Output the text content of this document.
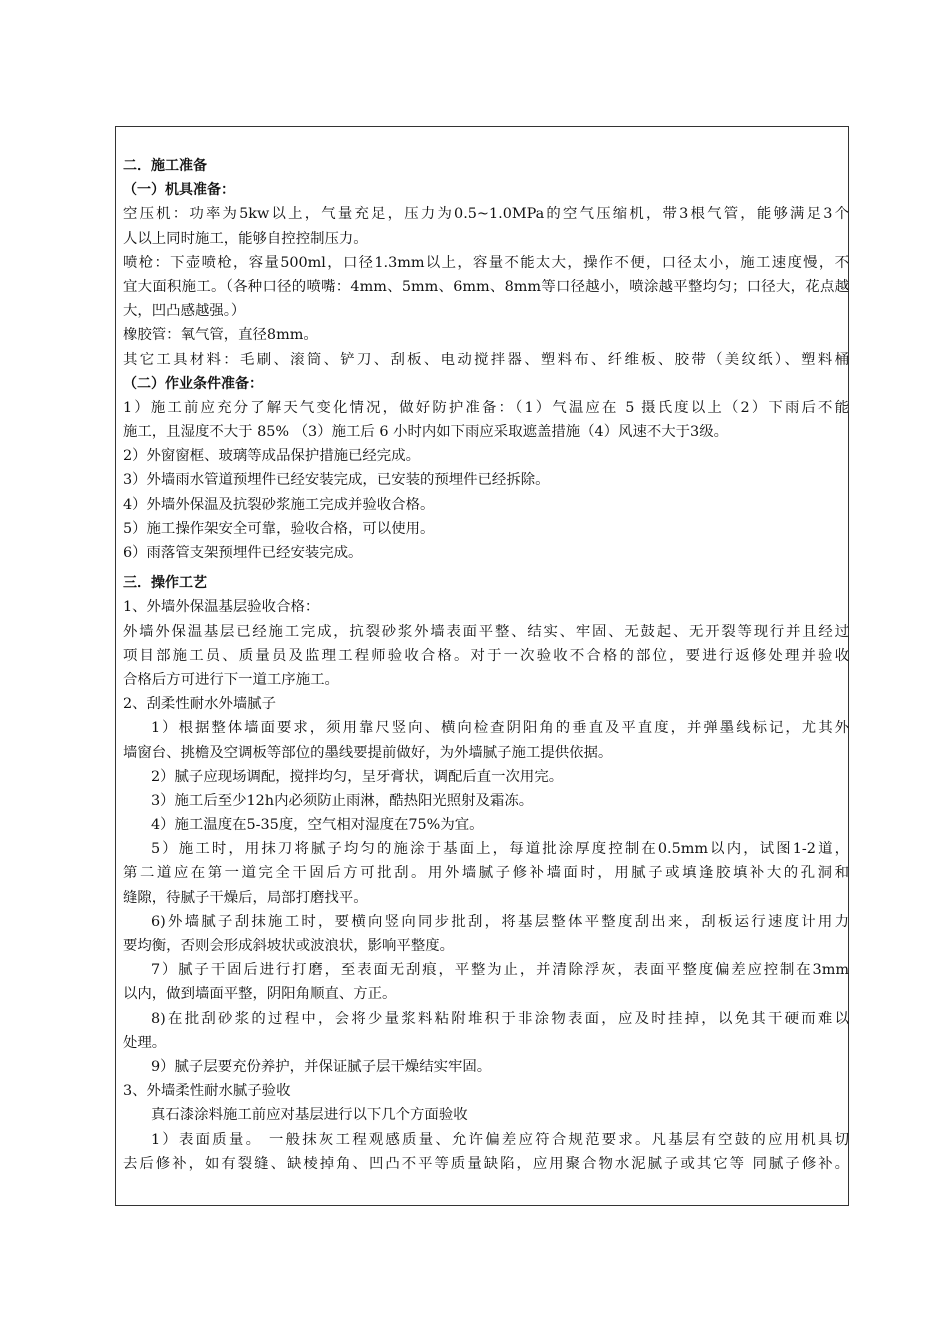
二．施工准备
（一）机具准备：
空压机：功率为5kw以上，气量充足，压力为0.5~1.0MPa的空气压缩机，带3根气管，能够满足3个
人以上同时施工，能够自控控制压力。
喷枪：下壶喷枪，容量500ml，口径1.3mm以上，容量不能太大，操作不便，口径太小，施工速度慢，不
宜大面积施工。（各种口径的喷嘴：4mm、5mm、6mm、8mm等口径越小，喷涂越平整均匀；口径大，花点越
大，凹凸感越强。）
橡胶管：氧气管，直径8mm。
其它工具材料：毛刷、滚筒、铲刀、刮板、电动搅拌器、塑料布、纤维板、胶带（美纹纸）、塑料桶
（二）作业条件准备：
1）施工前应充分了解天气变化情况，做好防护准备：（1）气温应在 5 摄氏度以上（2）下雨后不能
施工，且湿度不大于 85% （3）施工后 6 小时内如下雨应采取遮盖措施（4）风速不大于3级。
2）外窗窗框、玻璃等成品保护措施已经完成。
3）外墙雨水管道预埋件已经安装完成，已安装的预埋件已经拆除。
4）外墙外保温及抗裂砂浆施工完成并验收合格。
5）施工操作架安全可靠，验收合格，可以使用。
6）雨落管支架预埋件已经安装完成。
三．操作工艺
1、外墙外保温基层验收合格：
外墙外保温基层已经施工完成，抗裂砂浆外墙表面平整、结实、牢固、无鼓起、无开裂等现行并且经过
项目部施工员、质量员及监理工程师验收合格。对于一次验收不合格的部位，要进行返修处理并验收
合格后方可进行下一道工序施工。
2、刮柔性耐水外墙腻子
1）根据整体墙面要求，须用靠尺竖向、横向检查阴阳角的垂直及平直度，并弹墨线标记，尤其外
墙窗台、挑檐及空调板等部位的墨线要提前做好，为外墙腻子施工提供依据。
2）腻子应现场调配，搅拌均匀，呈牙膏状，调配后直一次用完。
3）施工后至少12h内必须防止雨淋，酷热阳光照射及霜冻。
4）施工温度在5-35度，空气相对湿度在75%为宜。
5）施工时，用抹刀将腻子均匀的施涂于基面上，每道批涂厚度控制在0.5mm以内，试图1-2道，
第二道应在第一道完全干固后方可批刮。用外墙腻子修补墙面时，用腻子或填逢胶填补大的孔洞和
缝隙，待腻子干燥后，局部打磨找平。
6)外墙腻子刮抹施工时，要横向竖向同步批刮，将基层整体平整度刮出来，刮板运行速度计用力
要均衡，否则会形成斜坡状或波浪状，影响平整度。
7）腻子干固后进行打磨，至表面无刮痕，平整为止，并清除浮灰，表面平整度偏差应控制在3mm
以内，做到墙面平整，阴阳角顺直、方正。
8)在批刮砂浆的过程中，会将少量浆料粘附堆积于非涂物表面，应及时挂掉，以免其干硬而难以
处理。
9）腻子层要充份养护，并保证腻子层干燥结实牢固。
3、外墙柔性耐水腻子验收
真石漆涂料施工前应对基层进行以下几个方面验收
1）表面质量。 一般抹灰工程观感质量、允许偏差应符合规范要求。凡基层有空鼓的应用机具切
去后修补，如有裂缝、缺棱掉角、凹凸不平等质量缺陷，应用聚合物水泥腻子或其它等 同腻子修补。
